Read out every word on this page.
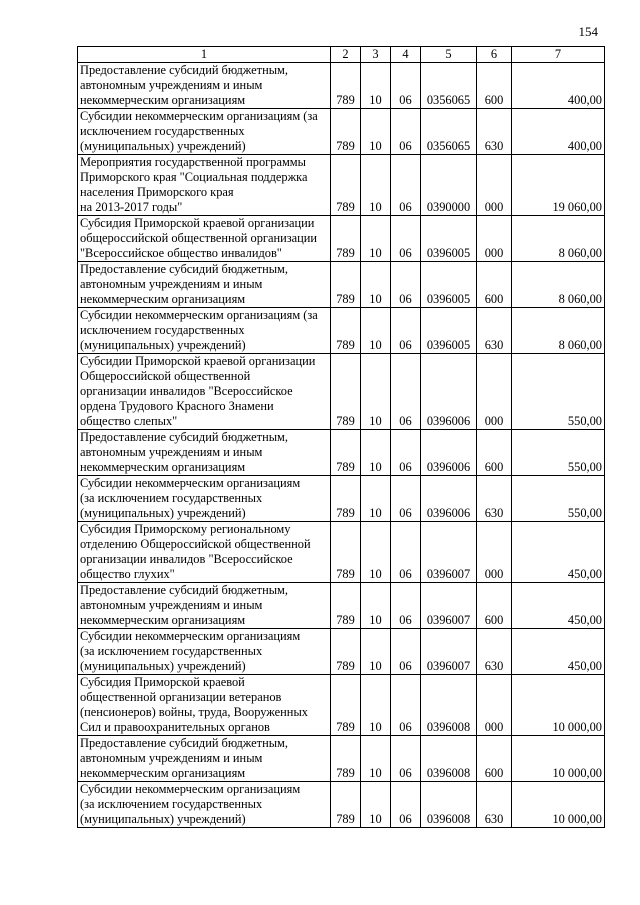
154
1	2	3	4	5	6	7

Предоставление субсидий бюджетным,
автономным учреждениям и иным
некоммерческим организациям	789	10	06	0356065	600	400,00

Субсидии некоммерческим организациям (за
исключением государственных
(муниципальных) учреждений)	789	10	06	0356065	630	400,00

Мероприятия государственной программы
Приморского края "Социальная поддержка
населения Приморского края
на 2013-2017 годы"	789	10	06	0390000	000	19 060,00

Субсидия Приморской краевой организации
общероссийской общественной организации
"Всероссийское общество инвалидов"	789	10	06	0396005	000	8 060,00

Предоставление субсидий бюджетным,
автономным учреждениям и иным
некоммерческим организациям	789	10	06	0396005	600	8 060,00

Субсидии некоммерческим организациям (за
исключением государственных
(муниципальных) учреждений)	789	10	06	0396005	630	8 060,00

Субсидии Приморской краевой организации
Общероссийской общественной
организации инвалидов "Всероссийское
ордена Трудового Красного Знамени
общество слепых"	789	10	06	0396006	000	550,00

Предоставление субсидий бюджетным,
автономным учреждениям и иным
некоммерческим организациям	789	10	06	0396006	600	550,00

Субсидии некоммерческим организациям
(за исключением государственных
(муниципальных) учреждений)	789	10	06	0396006	630	550,00

Субсидия Приморскому региональному
отделению Общероссийской общественной
организации инвалидов "Всероссийское
общество глухих"	789	10	06	0396007	000	450,00

Предоставление субсидий бюджетным,
автономным учреждениям и иным
некоммерческим организациям	789	10	06	0396007	600	450,00

Субсидии некоммерческим организациям
(за исключением государственных
(муниципальных) учреждений)	789	10	06	0396007	630	450,00

Субсидия Приморской краевой
общественной организации ветеранов
(пенсионеров) войны, труда, Вооруженных
Сил и правоохранительных органов	789	10	06	0396008	000	10 000,00

Предоставление субсидий бюджетным,
автономным учреждениям и иным
некоммерческим организациям	789	10	06	0396008	600	10 000,00

Субсидии некоммерческим организациям
(за исключением государственных
(муниципальных) учреждений)	789	10	06	0396008	630	10 000,00
